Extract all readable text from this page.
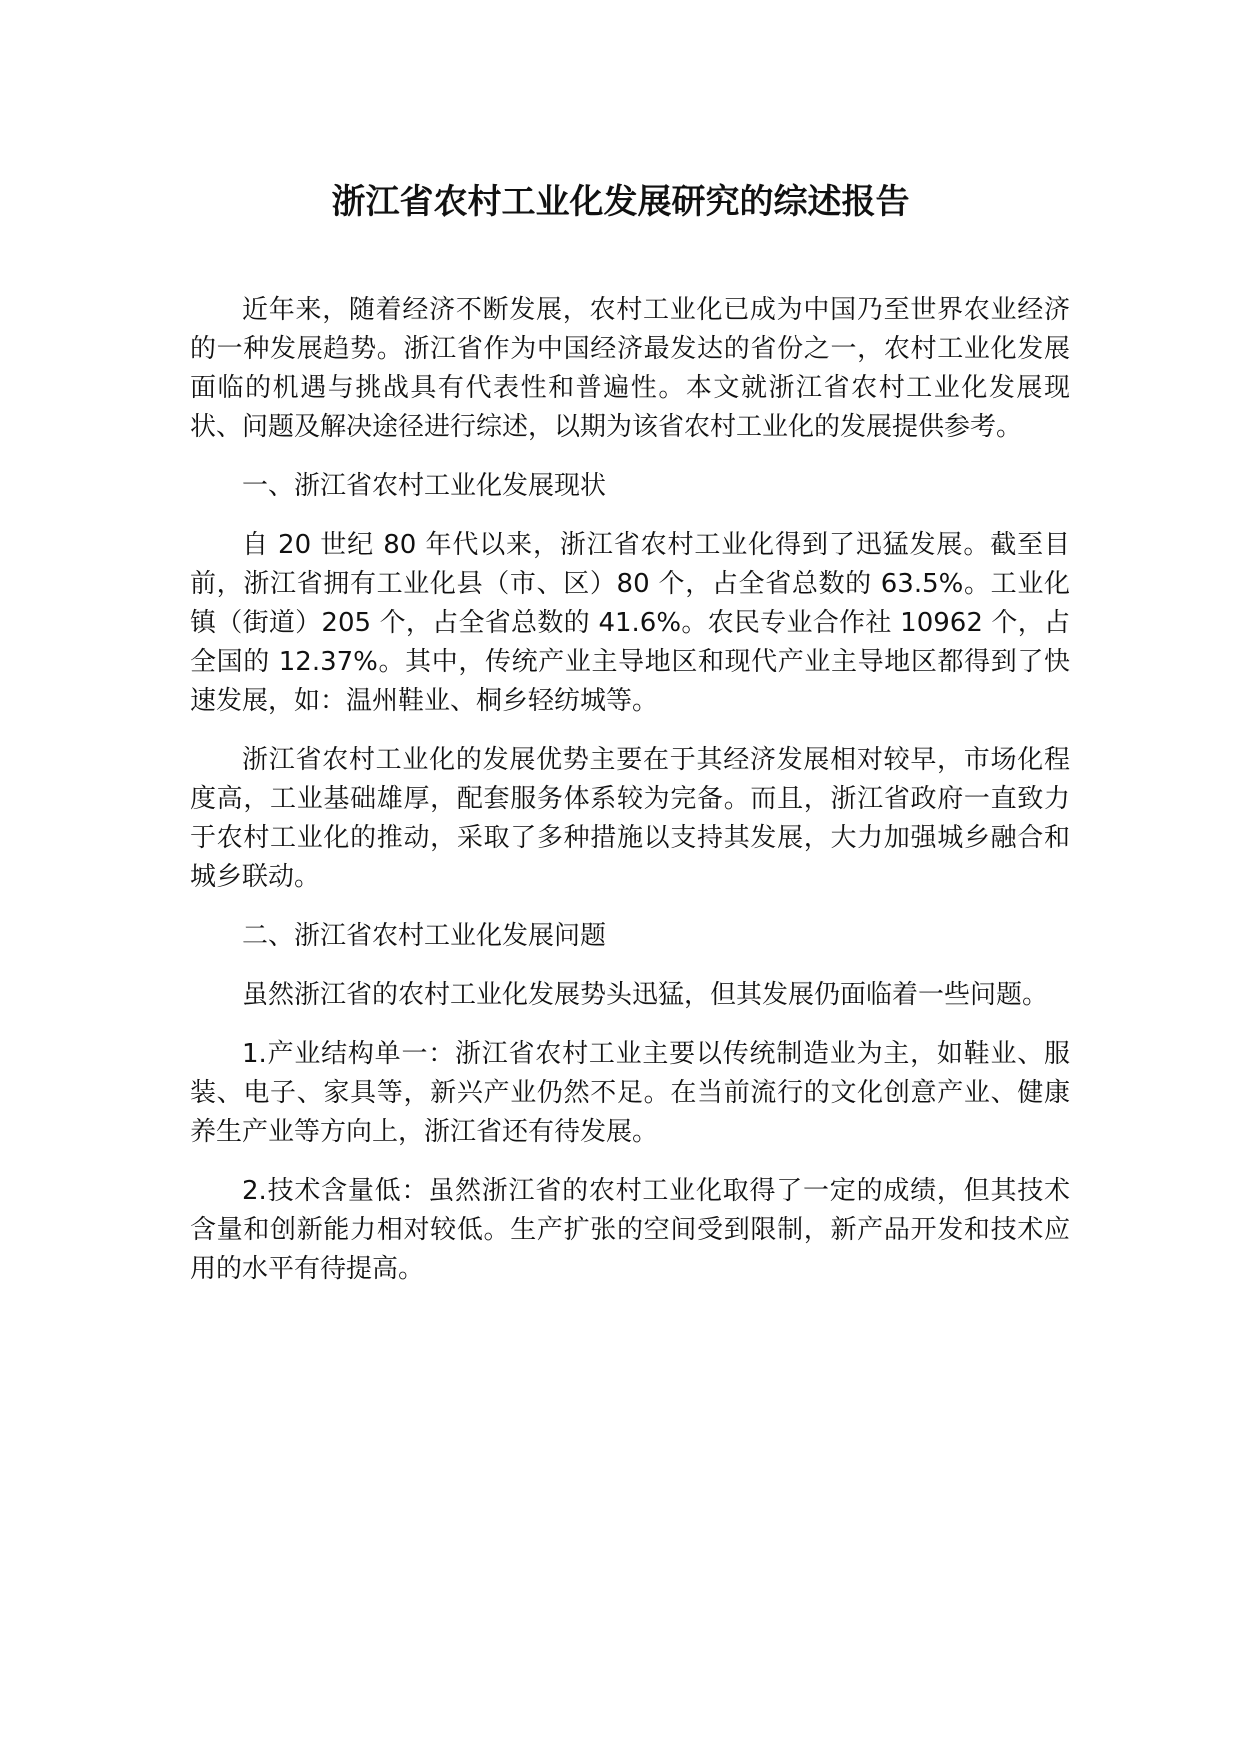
浙江省农村工业化发展研究的综述报告

近年来，随着经济不断发展，农村工业化已成为中国乃至世界农业经济的一种发展趋势。浙江省作为中国经济最发达的省份之一，农村工业化发展面临的机遇与挑战具有代表性和普遍性。本文就浙江省农村工业化发展现状、问题及解决途径进行综述，以期为该省农村工业化的发展提供参考。

一、浙江省农村工业化发展现状

自 20 世纪 80 年代以来，浙江省农村工业化得到了迅猛发展。截至目前，浙江省拥有工业化县（市、区）80 个，占全省总数的 63.5%。工业化镇（街道）205 个，占全省总数的 41.6%。农民专业合作社 10962 个，占全国的 12.37%。其中，传统产业主导地区和现代产业主导地区都得到了快速发展，如：温州鞋业、桐乡轻纺城等。

浙江省农村工业化的发展优势主要在于其经济发展相对较早，市场化程度高，工业基础雄厚，配套服务体系较为完备。而且，浙江省政府一直致力于农村工业化的推动，采取了多种措施以支持其发展，大力加强城乡融合和城乡联动。

二、浙江省农村工业化发展问题

虽然浙江省的农村工业化发展势头迅猛，但其发展仍面临着一些问题。

1.产业结构单一：浙江省农村工业主要以传统制造业为主，如鞋业、服装、电子、家具等，新兴产业仍然不足。在当前流行的文化创意产业、健康养生产业等方向上，浙江省还有待发展。

2.技术含量低：虽然浙江省的农村工业化取得了一定的成绩，但其技术含量和创新能力相对较低。生产扩张的空间受到限制，新产品开发和技术应用的水平有待提高。
